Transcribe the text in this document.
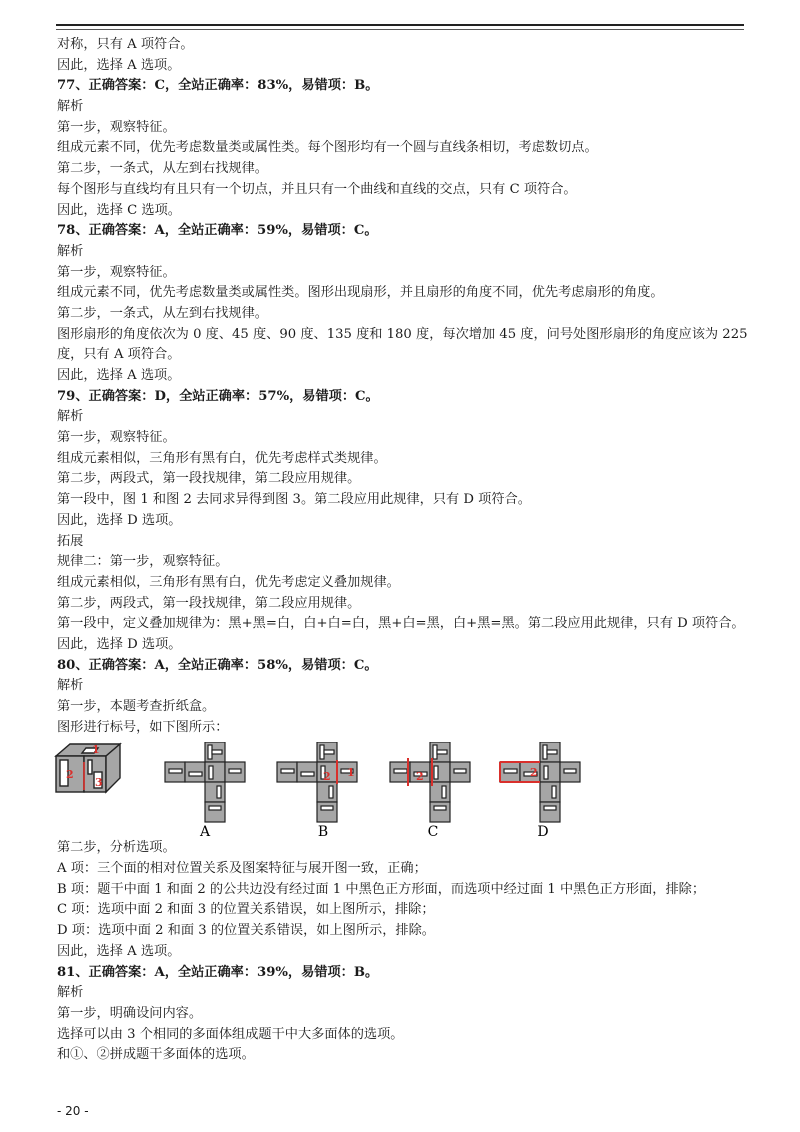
对称，只有 A 项符合。
因此，选择 A 选项。
77、正确答案：C，全站正确率：83%，易错项：B。
解析
第一步，观察特征。
组成元素不同，优先考虑数量类或属性类。每个图形均有一个圆与直线条相切，考虑数切点。
第二步，一条式，从左到右找规律。
每个图形与直线均有且只有一个切点，并且只有一个曲线和直线的交点，只有 C 项符合。
因此，选择 C 选项。
78、正确答案：A，全站正确率：59%，易错项：C。
解析
第一步，观察特征。
组成元素不同，优先考虑数量类或属性类。图形出现扇形，并且扇形的角度不同，优先考虑扇形的角度。
第二步，一条式，从左到右找规律。
图形扇形的角度依次为 0 度、45 度、90 度、135 度和 180 度，每次增加 45 度，问号处图形扇形的角度应该为 225
度，只有 A 项符合。
因此，选择 A 选项。
79、正确答案：D，全站正确率：57%，易错项：C。
解析
第一步，观察特征。
组成元素相似，三角形有黑有白，优先考虑样式类规律。
第二步，两段式，第一段找规律，第二段应用规律。
第一段中，图 1 和图 2 去同求异得到图 3。第二段应用此规律，只有 D 项符合。
因此，选择 D 选项。
拓展
规律二：第一步，观察特征。
组成元素相似，三角形有黑有白，优先考虑定义叠加规律。
第二步，两段式，第一段找规律，第二段应用规律。
第一段中，定义叠加规律为：黑+黑=白，白+白=白，黑+白=黑，白+黑=黑。第二段应用此规律，只有 D 项符合。
因此，选择 D 选项。
80、正确答案：A，全站正确率：58%，易错项：C。
解析
第一步，本题考查折纸盒。
图形进行标号，如下图所示：
1
2
3
A
2 1
B
2
C
2
D
第二步，分析选项。
A 项：三个面的相对位置关系及图案特征与展开图一致，正确；
B 项：题干中面 1 和面 2 的公共边没有经过面 1 中黑色正方形面，而选项中经过面 1 中黑色正方形面，排除；
C 项：选项中面 2 和面 3 的位置关系错误，如上图所示，排除；
D 项：选项中面 2 和面 3 的位置关系错误，如上图所示，排除。
因此，选择 A 选项。
81、正确答案：A，全站正确率：39%，易错项：B。
解析
第一步，明确设问内容。
选择可以由 3 个相同的多面体组成题干中大多面体的选项。
和①、②拼成题干多面体的选项。
- 20 -
